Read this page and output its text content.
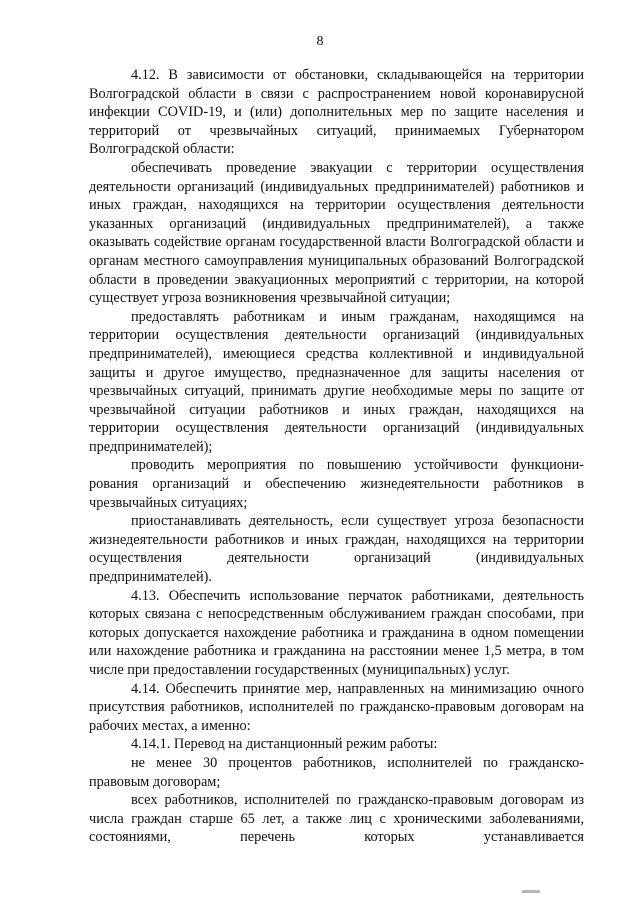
8

4.12. В зависимости от обстановки, складывающейся на территории Волгоградской области в связи с распространением новой коронавирусной инфекции COVID-19, и (или) дополнительных мер по защите населения и территорий от чрезвычайных ситуаций, принимаемых Губернатором Волгоградской области:

обеспечивать проведение эвакуации с территории осуществления деятельности организаций (индивидуальных предпринимателей) работников и иных граждан, находящихся на территории осуществления деятельности указанных организаций (индивидуальных предпринимателей), а также оказывать содействие органам государственной власти Волгоградской области и органам местного самоуправления муниципальных образований Волгоградской области в проведении эвакуационных мероприятий с территории, на которой существует угроза возникновения чрезвычайной ситуации;

предоставлять работникам и иным гражданам, находящимся на территории осуществления деятельности организаций (индивидуальных предпринимателей), имеющиеся средства коллективной и индивидуальной защиты и другое имущество, предназначенное для защиты населения от чрезвычайных ситуаций, принимать другие необходимые меры по защите от чрезвычайной ситуации работников и иных граждан, находящихся на территории осуществления деятельности организаций (индивидуальных предпринимателей);

проводить мероприятия по повышению устойчивости функциони-рования организаций и обеспечению жизнедеятельности работников в чрезвычайных ситуациях;

приостанавливать деятельность, если существует угроза безопасности жизнедеятельности работников и иных граждан, находящихся на территории осуществления деятельности организаций (индивидуальных предпринимателей).

4.13. Обеспечить использование перчаток работниками, деятельность которых связана с непосредственным обслуживанием граждан способами, при которых допускается нахождение работника и гражданина в одном помещении или нахождение работника и гражданина на расстоянии менее 1,5 метра, в том числе при предоставлении государственных (муниципальных) услуг.

4.14. Обеспечить принятие мер, направленных на минимизацию очного присутствия работников, исполнителей по гражданско-правовым договорам на рабочих местах, а именно:

4.14.1. Перевод на дистанционный режим работы:

не менее 30 процентов работников, исполнителей по гражданско-правовым договорам;

всех работников, исполнителей по гражданско-правовым договорам из числа граждан старше 65 лет, а также лиц с хроническими заболеваниями, состояниями, перечень которых устанавливается
